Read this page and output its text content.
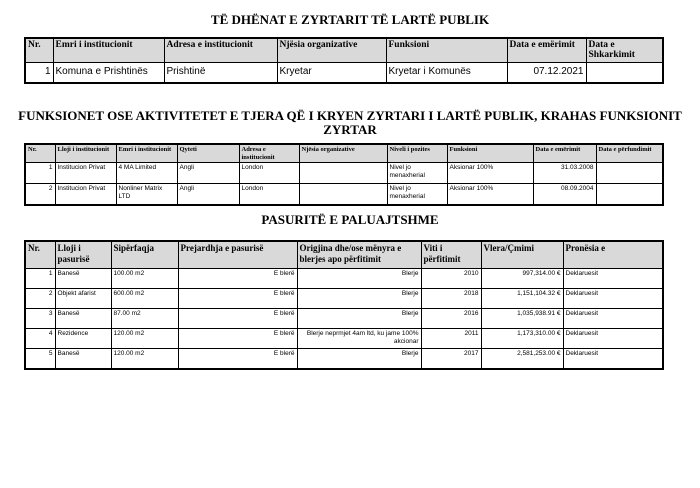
TË DHËNAT E ZYRTARIT TË LARTË PUBLIK
Nr.	Emri i institucionit	Adresa e institucionit	Njësia organizative	Funksioni	Data e emërimit	Data e Shkarkimit
1	Komuna e Prishtinës	Prishtinë	Kryetar	Kryetar i Komunës	07.12.2021	
FUNKSIONET OSE AKTIVITETET E TJERA QË I KRYEN ZYRTARI I LARTË PUBLIK, KRAHAS FUNKSIONIT
ZYRTAR
Nr.	Lloji i institucionit	Emri i institucionit	Qyteti	Adresa e institucionit	Njësia organizative	Niveli i pozites	Funksioni	Data e emërimit	Data e përfundimit
1	Institucion Privat	4 MA Limited	Angli	London		Nivel jo menaxherial	Aksionar 100%	31.03.2008	
2	Institucion Privat	Nonliner Matrix LTD	Angli	London		Nivel jo menaxherial	Aksionar 100%	08.09.2004	
PASURITË E PALUAJTSHME
Nr.	Lloji i pasurisë	Sipërfaqja	Prejardhja e pasurisë	Origjina dhe/ose mënyra e blerjes apo përfitimit	Viti i përfitimit	Vlera/Çmimi	Pronësia e
1	Banesë	100.00 m2	E blerë	Blerje	2010	997,314.00 €	Deklaruesit
2	Objekt afarist	600.00 m2	E blerë	Blerje	2018	1,151,104.32 €	Deklaruesit
3	Banesë	87.00 m2	E blerë	Blerje	2016	1,035,938.91 €	Deklaruesit
4	Rezidence	120.00 m2	E blerë	Blerje neprmjet 4am ltd, ku jame 100% akcionar	2011	1,173,310.00 €	Deklaruesit
5	Banesë	120.00 m2	E blerë	Blerje	2017	2,581,253.00 €	Deklaruesit
